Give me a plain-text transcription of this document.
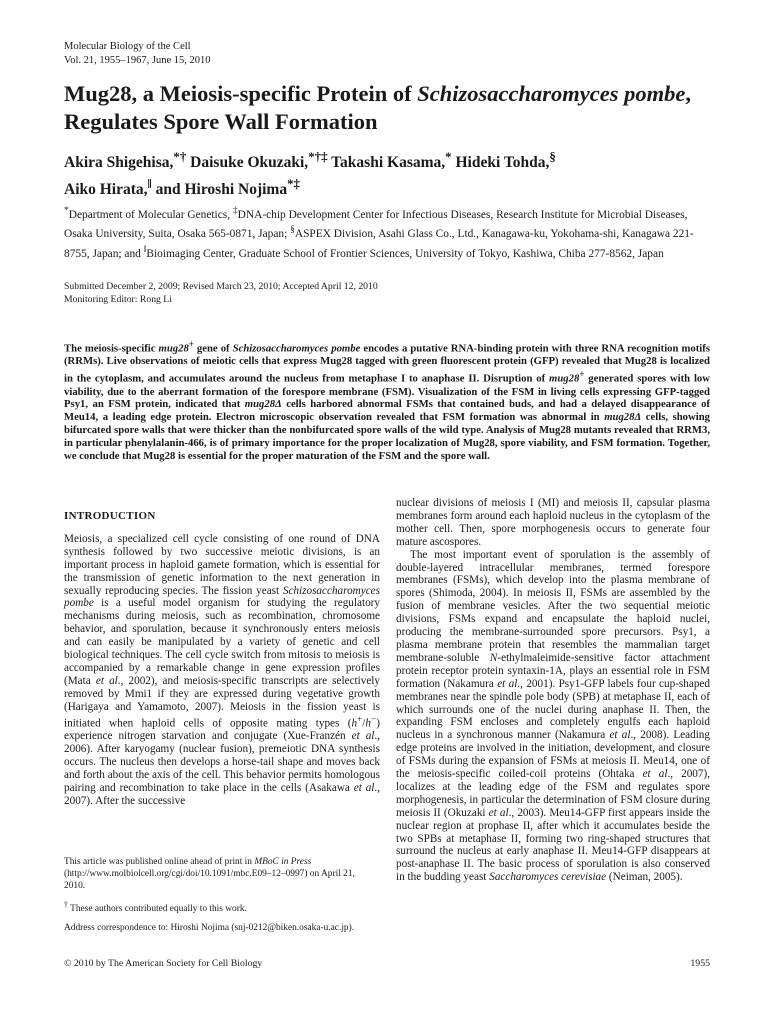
Molecular Biology of the Cell
Vol. 21, 1955–1967, June 15, 2010
Mug28, a Meiosis-specific Protein of Schizosaccharomyces pombe, Regulates Spore Wall Formation
Akira Shigehisa,*† Daisuke Okuzaki,*†‡ Takashi Kasama,* Hideki Tohda,§
Aiko Hirata,‖ and Hiroshi Nojima*‡
*Department of Molecular Genetics, ‡DNA-chip Development Center for Infectious Diseases, Research Institute for Microbial Diseases, Osaka University, Suita, Osaka 565-0871, Japan; §ASPEX Division, Asahi Glass Co., Ltd., Kanagawa-ku, Yokohama-shi, Kanagawa 221-8755, Japan; and ‖Bioimaging Center, Graduate School of Frontier Sciences, University of Tokyo, Kashiwa, Chiba 277-8562, Japan
Submitted December 2, 2009; Revised March 23, 2010; Accepted April 12, 2010
Monitoring Editor: Rong Li
The meiosis-specific mug28+ gene of Schizosaccharomyces pombe encodes a putative RNA-binding protein with three RNA recognition motifs (RRMs). Live observations of meiotic cells that express Mug28 tagged with green fluorescent protein (GFP) revealed that Mug28 is localized in the cytoplasm, and accumulates around the nucleus from metaphase I to anaphase II. Disruption of mug28+ generated spores with low viability, due to the aberrant formation of the forespore membrane (FSM). Visualization of the FSM in living cells expressing GFP-tagged Psy1, an FSM protein, indicated that mug28Δ cells harbored abnormal FSMs that contained buds, and had a delayed disappearance of Meu14, a leading edge protein. Electron microscopic observation revealed that FSM formation was abnormal in mug28Δ cells, showing bifurcated spore walls that were thicker than the nonbifurcated spore walls of the wild type. Analysis of Mug28 mutants revealed that RRM3, in particular phenylalanin-466, is of primary importance for the proper localization of Mug28, spore viability, and FSM formation. Together, we conclude that Mug28 is essential for the proper maturation of the FSM and the spore wall.
INTRODUCTION

Meiosis, a specialized cell cycle consisting of one round of DNA synthesis followed by two successive meiotic divisions, is an important process in haploid gamete formation, which is essential for the transmission of genetic information to the next generation in sexually reproducing species. The fission yeast Schizosaccharomyces pombe is a useful model organism for studying the regulatory mechanisms during meiosis, such as recombination, chromosome behavior, and sporulation, because it synchronously enters meiosis and can easily be manipulated by a variety of genetic and cell biological techniques. The cell cycle switch from mitosis to meiosis is accompanied by a remarkable change in gene expression profiles (Mata et al., 2002), and meiosis-specific transcripts are selectively removed by Mmi1 if they are expressed during vegetative growth (Harigaya and Yamamoto, 2007). Meiosis in the fission yeast is initiated when haploid cells of opposite mating types (h+/h−) experience nitrogen starvation and conjugate (Xue-Franzén et al., 2006). After karyogamy (nuclear fusion), premeiotic DNA synthesis occurs. The nucleus then develops a horse-tail shape and moves back and forth about the axis of the cell. This behavior permits homologous pairing and recombination to take place in the cells (Asakawa et al., 2007). After the successive

nuclear divisions of meiosis I (MI) and meiosis II, capsular plasma membranes form around each haploid nucleus in the cytoplasm of the mother cell. Then, spore morphogenesis occurs to generate four mature ascospores.

The most important event of sporulation is the assembly of double-layered intracellular membranes, termed forespore membranes (FSMs), which develop into the plasma membrane of spores (Shimoda, 2004). In meiosis II, FSMs are assembled by the fusion of membrane vesicles. After the two sequential meiotic divisions, FSMs expand and encapsulate the haploid nuclei, producing the membrane-surrounded spore precursors. Psy1, a plasma membrane protein that resembles the mammalian target membrane-soluble N-ethylmaleimide-sensitive factor attachment protein receptor protein syntaxin-1A, plays an essential role in FSM formation (Nakamura et al., 2001). Psy1-GFP labels four cup-shaped membranes near the spindle pole body (SPB) at metaphase II, each of which surrounds one of the nuclei during anaphase II. Then, the expanding FSM encloses and completely engulfs each haploid nucleus in a synchronous manner (Nakamura et al., 2008). Leading edge proteins are involved in the initiation, development, and closure of FSMs during the expansion of FSMs at meiosis II. Meu14, one of the meiosis-specific coiled-coil proteins (Ohtaka et al., 2007), localizes at the leading edge of the FSM and regulates spore morphogenesis, in particular the determination of FSM closure during meiosis II (Okuzaki et al., 2003). Meu14-GFP first appears inside the nuclear region at prophase II, after which it accumulates beside the two SPBs at metaphase II, forming two ring-shaped structures that surround the nucleus at early anaphase II. Meu14-GFP disappears at post-anaphase II. The basic process of sporulation is also conserved in the budding yeast Saccharomyces cerevisiae (Neiman, 2005).

This article was published online ahead of print in MBoC in Press (http://www.molbiolcell.org/cgi/doi/10.1091/mbc.E09–12–0997) on April 21, 2010.

† These authors contributed equally to this work.

Address correspondence to: Hiroshi Nojima (snj-0212@biken.osaka-u.ac.jp).

© 2010 by The American Society for Cell Biology	1955
